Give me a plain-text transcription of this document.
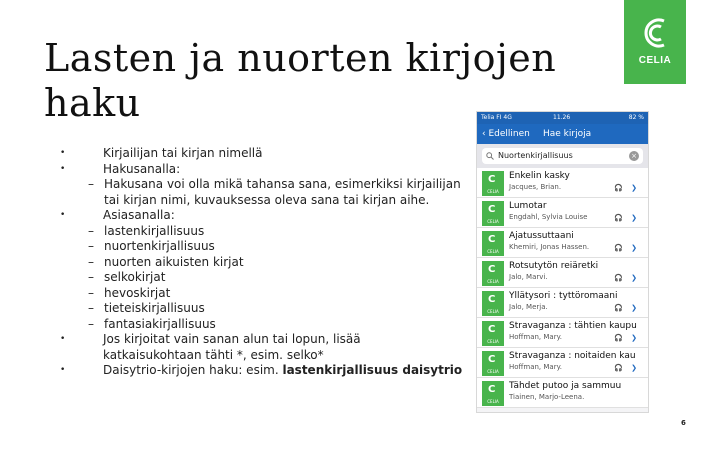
Lasten ja nuorten kirjojen
haku
CELIA
• Kirjailijan tai kirjan nimellä
• Hakusanalla:
– Hakusana voi olla mikä tahansa sana, esimerkiksi kirjailijan
tai kirjan nimi, kuvauksessa oleva sana tai kirjan aihe.
• Asiasanalla:
– lastenkirjallisuus
– nuortenkirjallisuus
– nuorten aikuisten kirjat
– selkokirjat
– hevoskirjat
– tieteiskirjallisuus
– fantasiakirjallisuus
• Jos kirjoitat vain sanan alun tai lopun, lisää
katkaisukohtaan tähti *, esim. selko*
• Daisytrio-kirjojen haku: esim. lastenkirjallisuus daisytrio
Telia FI 4G	11.26	82 %
‹ Edellinen Hae kirjoja
Nuortenkirjallisuus	×
C
CELIA
Enkelin kasky
Jacques, Brian.	🎧 ❯
C
CELIA
Lumotar
Engdahl, Sylvia Louise	🎧 ❯
C
CELIA
Ajatussuttaani
Khemiri, Jonas Hassen.	🎧 ❯
C
CELIA
Rotsutytön reiäretki
Jalo, Marvi.	🎧 ❯
C
CELIA
Yllätysori : tyttöromaani
Jalo, Merja.	🎧 ❯
C
CELIA
Stravaganza : tähtien kaupu
Hoffman, Mary.	🎧 ❯
C
CELIA
Stravaganza : noitaiden kau
Hoffman, Mary.	🎧 ❯
C
CELIA
Tähdet putoo ja sammuu
Tiainen, Marjo-Leena.
6
